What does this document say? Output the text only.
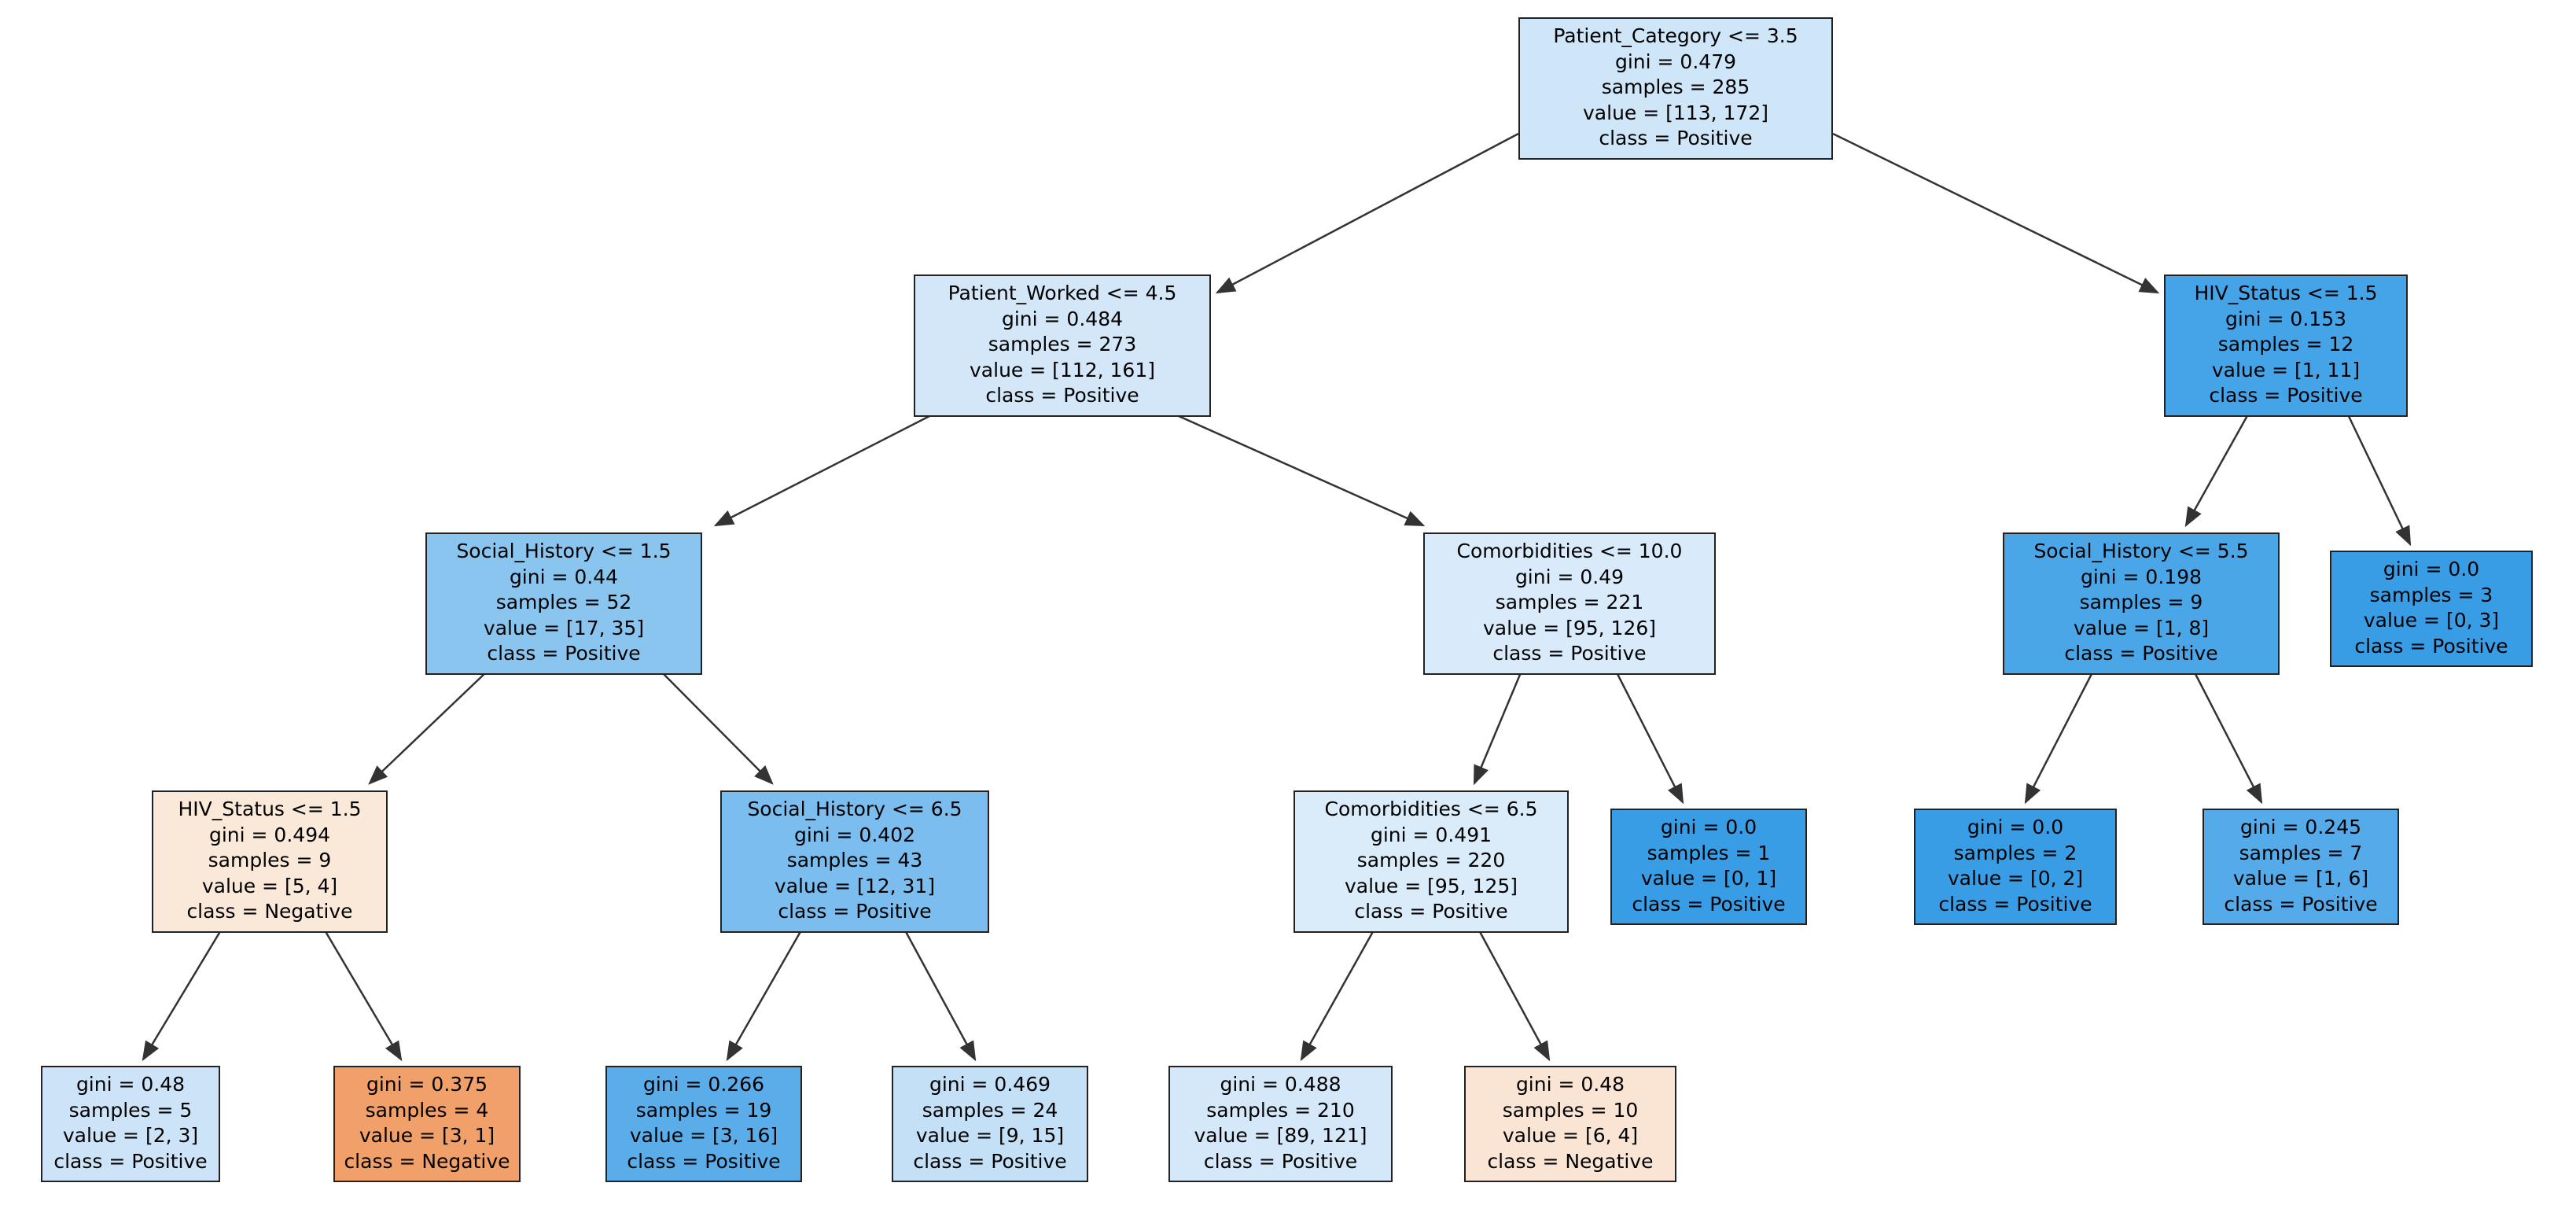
Patient_Category <= 3.5
gini = 0.479
samples = 285
value = [113, 172]
class = Positive
Patient_Worked <= 4.5
gini = 0.484
samples = 273
value = [112, 161]
class = Positive
HIV_Status <= 1.5
gini = 0.153
samples = 12
value = [1, 11]
class = Positive
Social_History <= 1.5
gini = 0.44
samples = 52
value = [17, 35]
class = Positive
Comorbidities <= 10.0
gini = 0.49
samples = 221
value = [95, 126]
class = Positive
Social_History <= 5.5
gini = 0.198
samples = 9
value = [1, 8]
class = Positive
gini = 0.0
samples = 3
value = [0, 3]
class = Positive
HIV_Status <= 1.5
gini = 0.494
samples = 9
value = [5, 4]
class = Negative
Social_History <= 6.5
gini = 0.402
samples = 43
value = [12, 31]
class = Positive
Comorbidities <= 6.5
gini = 0.491
samples = 220
value = [95, 125]
class = Positive
gini = 0.0
samples = 1
value = [0, 1]
class = Positive
gini = 0.0
samples = 2
value = [0, 2]
class = Positive
gini = 0.245
samples = 7
value = [1, 6]
class = Positive
gini = 0.48
samples = 5
value = [2, 3]
class = Positive
gini = 0.375
samples = 4
value = [3, 1]
class = Negative
gini = 0.266
samples = 19
value = [3, 16]
class = Positive
gini = 0.469
samples = 24
value = [9, 15]
class = Positive
gini = 0.488
samples = 210
value = [89, 121]
class = Positive
gini = 0.48
samples = 10
value = [6, 4]
class = Negative
